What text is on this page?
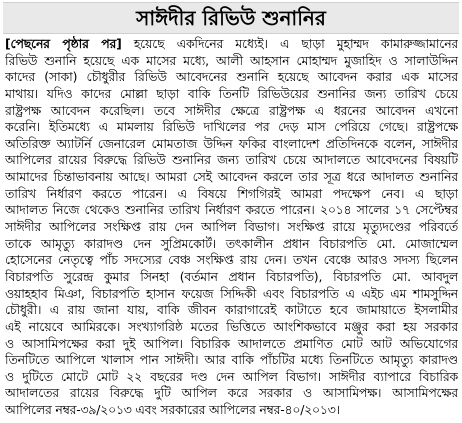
সাঈদীর রিভিউ শুনানির
[পেছনের পৃষ্ঠার পর] হয়েছে একদিনের মধ্যেই। এ ছাড়া মুহাম্মদ কামারুজ্জামানের
রিভিউ শুনানি হয়েছে এক মাসের মধ্যে, আলী আহসান মোহাম্মদ মুজাহিদ ও সালাউদ্দিন
কাদের (সাকা) চৌধুরীর রিভিউ আবেদনের শুনানি হয়েছে আবেদন করার এক মাসের
মাথায়। যদিও কাদের মোল্লা ছাড়া বাকি তিনটি রিভিউয়ের শুনানির জন্য তারিখ চেয়ে
রাষ্ট্রপক্ষ আবেদন করেছিল। তবে সাঈদীর ক্ষেত্রে রাষ্ট্রপক্ষ এ ধরনের আবেদন এখনো
করেনি। ইতিমধ্যে এ মামলায় রিভিউ দাখিলের পর দেড় মাস পেরিয়ে গেছে। রাষ্ট্রপক্ষে
অতিরিক্ত অ্যাটর্নি জেনারেল মোমতাজ উদ্দিন ফকির বাংলাদেশ প্রতিদিনকে বলেন, সাঈদীর
আপিলের রায়ের বিরুদ্ধে রিভিউ শুনানির জন্য তারিখ চেয়ে আদালতে আবেদনের বিষয়টি
আমাদের চিন্তাভাবনায় আছে। আমরা সেই আবেদন করলে তার সূত্র ধরে আদালত শুনানির
তারিখ নির্ধারণ করতে পারেন। এ বিষয়ে শিগগিরই আমরা পদক্ষেপ নেব। এ ছাড়া
আদালত নিজে থেকেও শুনানির তারিখ নির্ধারণ করতে পারেন। ২০১৪ সালের ১৭ সেপ্টেম্বর
সাঈদীর আপিলের সংক্ষিপ্ত রায় দেন আপিল বিভাগ। সংক্ষিপ্ত রায়ে মৃত্যুদণ্ডের পরিবর্তে
তাকে আমৃত্যু কারাদণ্ড দেন সুপ্রিমকোর্ট। তৎকালীন প্রধান বিচারপতি মো. মোজাম্মেল
হোসেনের নেতৃত্বে পাঁচ সদস্যের বেঞ্চ সংক্ষিপ্ত রায় দেন। তখন বেঞ্চে আরও সদস্য ছিলেন
বিচারপতি সুরেন্দ্র কুমার সিনহা (বর্তমান প্রধান বিচারপতি), বিচারপতি মো. আবদুল
ওয়াহহাব মিঞা, বিচারপতি হাসান ফয়েজ সিদ্দিকী এবং বিচারপতি এ এইচ এম শামসুদ্দিন
চৌধুরী। এ রায় জানা যায়, বাকি জীবন কারাগারেই কাটাতে হবে জামায়াতে ইসলামীর
এই নায়েবে আমিরকে। সংখ্যাগরিষ্ঠ মতের ভিত্তিতে আংশিকভাবে মঞ্জুর করা হয় সরকার
ও আসামিপক্ষের করা দুই আপিল। বিচারিক আদালতে প্রমাণিত মোট আট অভিযোগের
তিনটিতে আপিলে খালাস পান সাঈদী। আর বাকি পাঁচটির মধ্যে তিনটিতে আমৃত্যু কারাদণ্ড
ও দুটিতে মোটে মোট ২২ বছরের দণ্ড দেন আপিল বিভাগ। সাঈদীর ব্যাপারে বিচারিক
আদালতের রায়ের বিরুদ্ধে দুটি আপিল করে সরকার ও আসামিপক্ষ। আসামিপক্ষের
আপিলের নম্বর-৩৯/২০১৩ এবং সরকারের আপিলের নম্বর-৪০/২০১৩।
